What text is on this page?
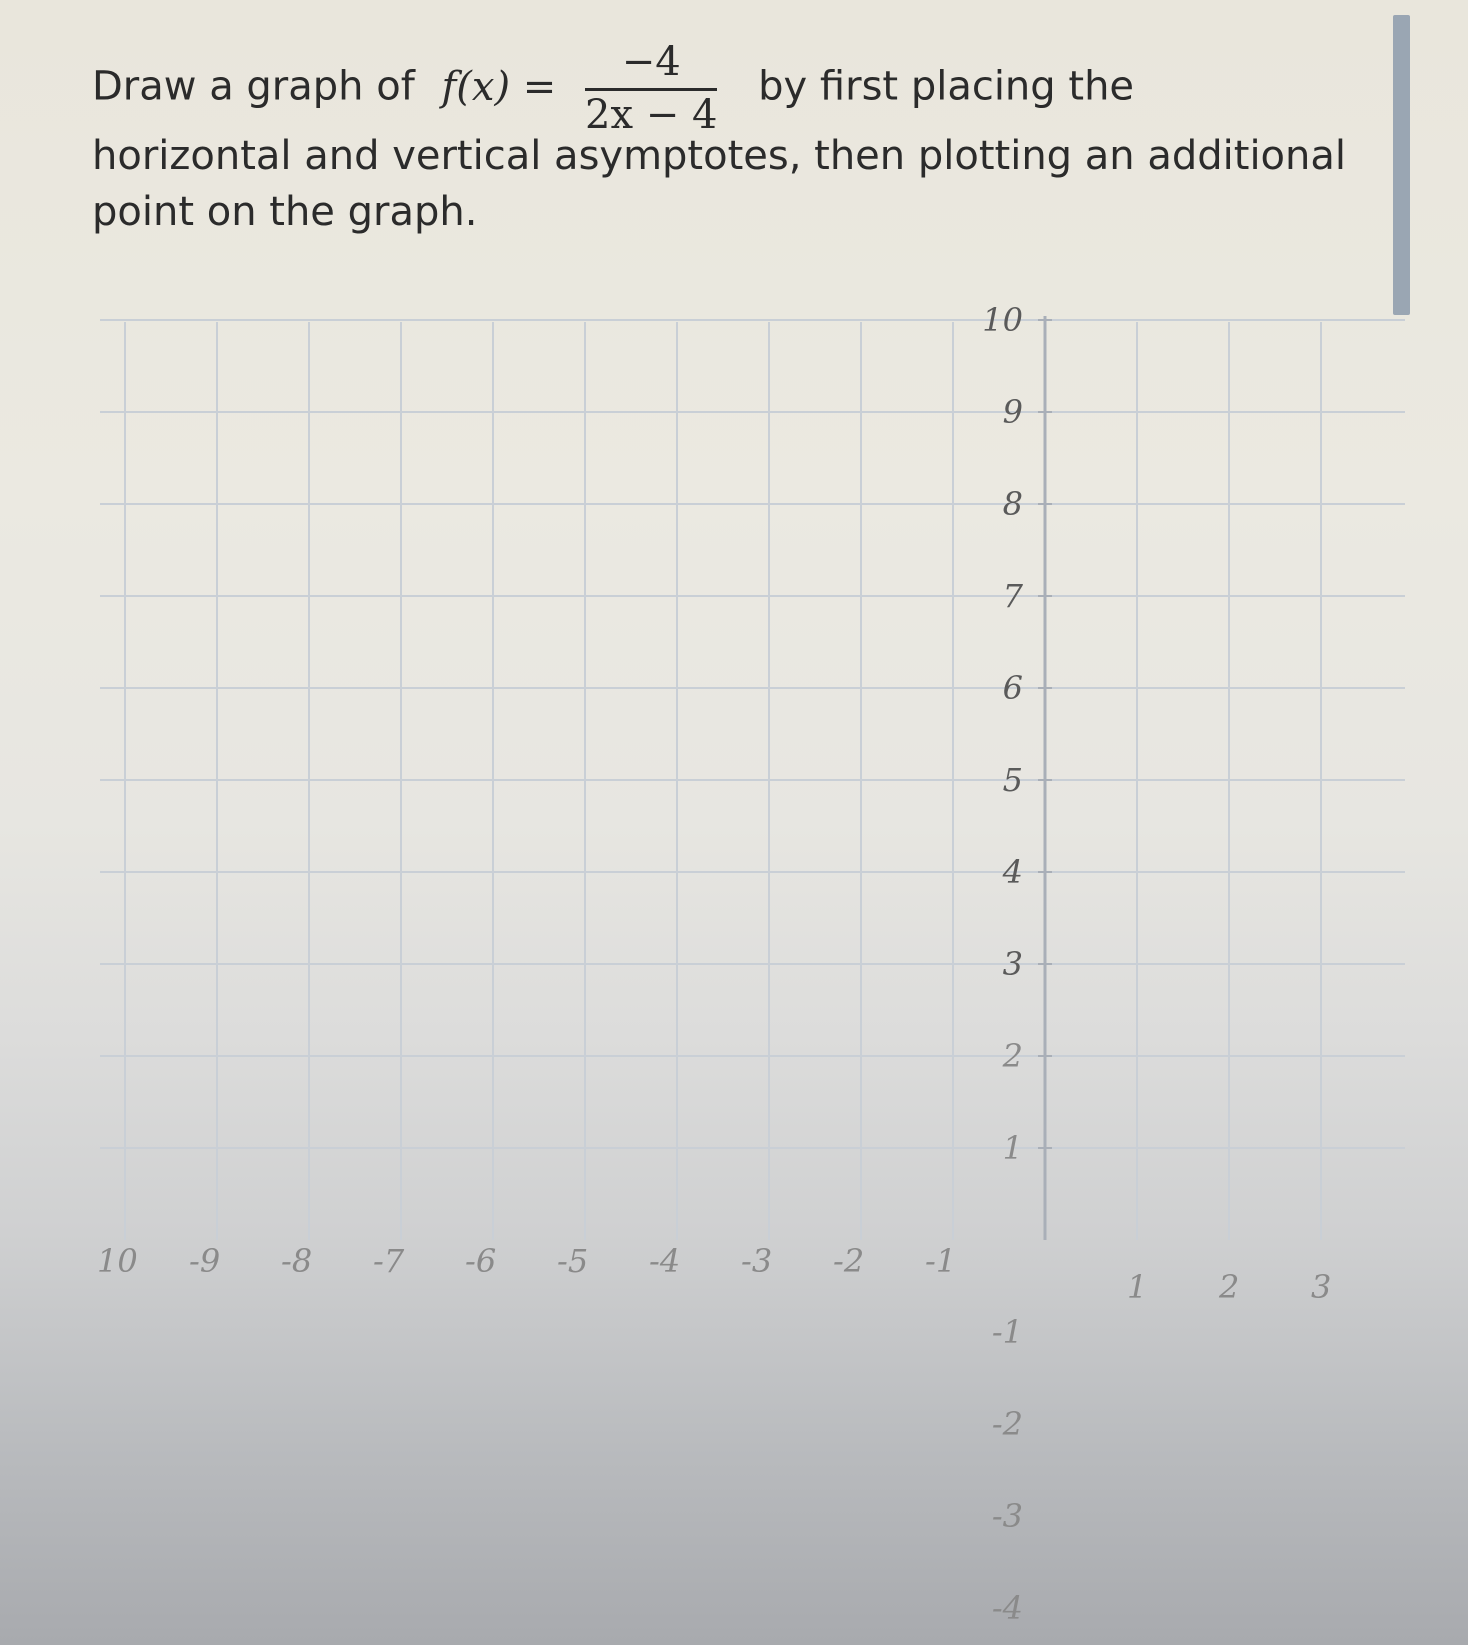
Draw a graph of $f(x) = \frac{-4}{2x - 4}$ by first placing the
horizontal and vertical asymptotes, then plotting an additional
point on the graph.
10 -9 -8 -7 -6 -5 -4 -3 -2 -1
1 2 3
10
9
8
7
6
5
4
3
2
1
-1
-2
-3
-4
